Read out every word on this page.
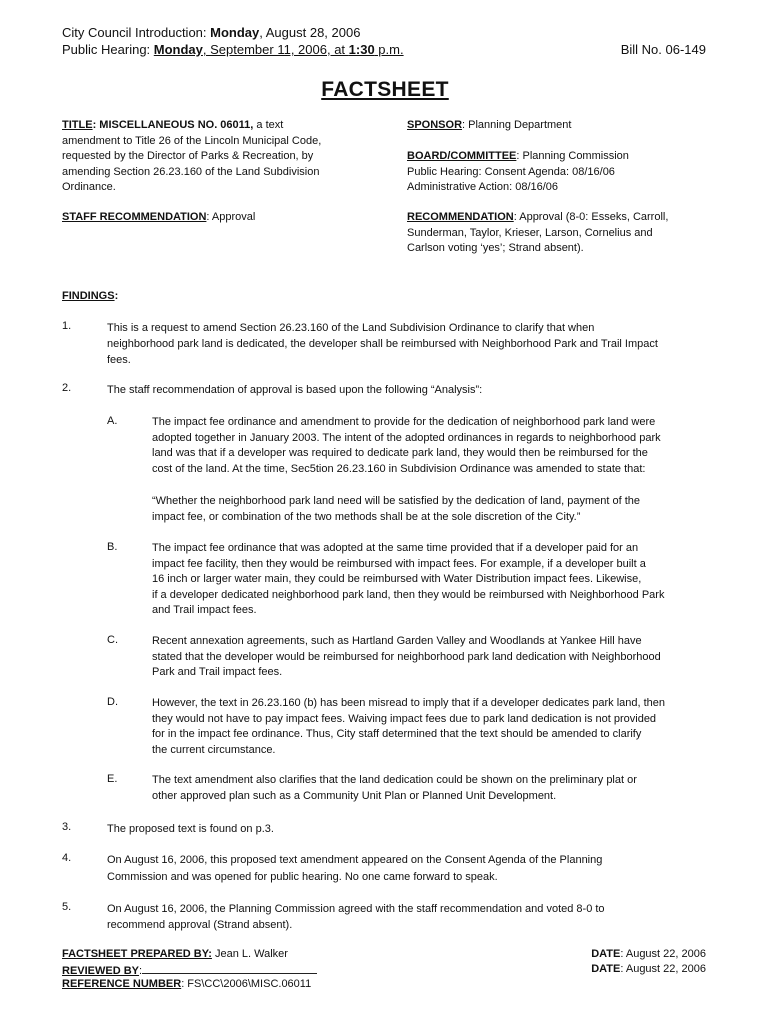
City Council Introduction: Monday, August 28, 2006
Public Hearing: Monday, September 11, 2006, at 1:30 p.m.	Bill No. 06-149
FACTSHEET
TITLE: MISCELLANEOUS NO. 06011, a text
amendment to Title 26 of the Lincoln Municipal Code,
requested by the Director of Parks & Recreation, by
amending Section 26.23.160 of the Land Subdivision
Ordinance.
STAFF RECOMMENDATION: Approval
SPONSOR: Planning Department
BOARD/COMMITTEE: Planning Commission
Public Hearing: Consent Agenda: 08/16/06
Administrative Action: 08/16/06
RECOMMENDATION: Approval (8-0: Esseks, Carroll,
Sunderman, Taylor, Krieser, Larson, Cornelius and
Carlson voting ‘yes’; Strand absent).
FINDINGS:
1.	This is a request to amend Section 26.23.160 of the Land Subdivision Ordinance to clarify that when
neighborhood park land is dedicated, the developer shall be reimbursed with Neighborhood Park and Trail Impact
fees.
2.	The staff recommendation of approval is based upon the following “Analysis”:
A.	The impact fee ordinance and amendment to provide for the dedication of neighborhood park land were
adopted together in January 2003. The intent of the adopted ordinances in regards to neighborhood park
land was that if a developer was required to dedicate park land, they would then be reimbursed for the
cost of the land. At the time, Sec5tion 26.23.160 in Subdivision Ordinance was amended to state that:
“Whether the neighborhood park land need will be satisfied by the dedication of land, payment of the
impact fee, or combination of the two methods shall be at the sole discretion of the City.”
B.	The impact fee ordinance that was adopted at the same time provided that if a developer paid for an
impact fee facility, then they would be reimbursed with impact fees. For example, if a developer built a
16 inch or larger water main, they could be reimbursed with Water Distribution impact fees. Likewise,
if a developer dedicated neighborhood park land, then they would be reimbursed with Neighborhood Park
and Trail impact fees.
C.	Recent annexation agreements, such as Hartland Garden Valley and Woodlands at Yankee Hill have
stated that the developer would be reimbursed for neighborhood park land dedication with Neighborhood
Park and Trail impact fees.
D.	However, the text in 26.23.160 (b) has been misread to imply that if a developer dedicates park land, then
they would not have to pay impact fees. Waiving impact fees due to park land dedication is not provided
for in the impact fee ordinance. Thus, City staff determined that the text should be amended to clarify
the current circumstance.
E.	The text amendment also clarifies that the land dedication could be shown on the preliminary plat or
other approved plan such as a Community Unit Plan or Planned Unit Development.
3.	The proposed text is found on p.3.
4.	On August 16, 2006, this proposed text amendment appeared on the Consent Agenda of the Planning
Commission and was opened for public hearing. No one came forward to speak.
5.	On August 16, 2006, the Planning Commission agreed with the staff recommendation and voted 8-0 to
recommend approval (Strand absent).
FACTSHEET PREPARED BY: Jean L. Walker
REVIEWED BY:
REFERENCE NUMBER: FS\CC\2006\MISC.06011
DATE: August 22, 2006
DATE: August 22, 2006
